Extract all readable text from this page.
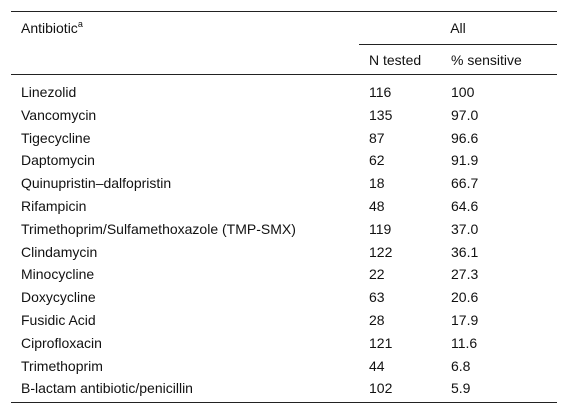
Antibiotic$^a$	All	
	N tested	% sensitive
Linezolid	116	100
Vancomycin	135	97.0
Tigecycline	87	96.6
Daptomycin	62	91.9
Quinupristin–dalfopristin	18	66.7
Rifampicin	48	64.6
Trimethoprim/Sulfamethoxazole (TMP-SMX)	119	37.0
Clindamycin	122	36.1
Minocycline	22	27.3
Doxycycline	63	20.6
Fusidic Acid	28	17.9
Ciprofloxacin	121	11.6
Trimethoprim	44	6.8
B-lactam antibiotic/penicillin	102	5.9
